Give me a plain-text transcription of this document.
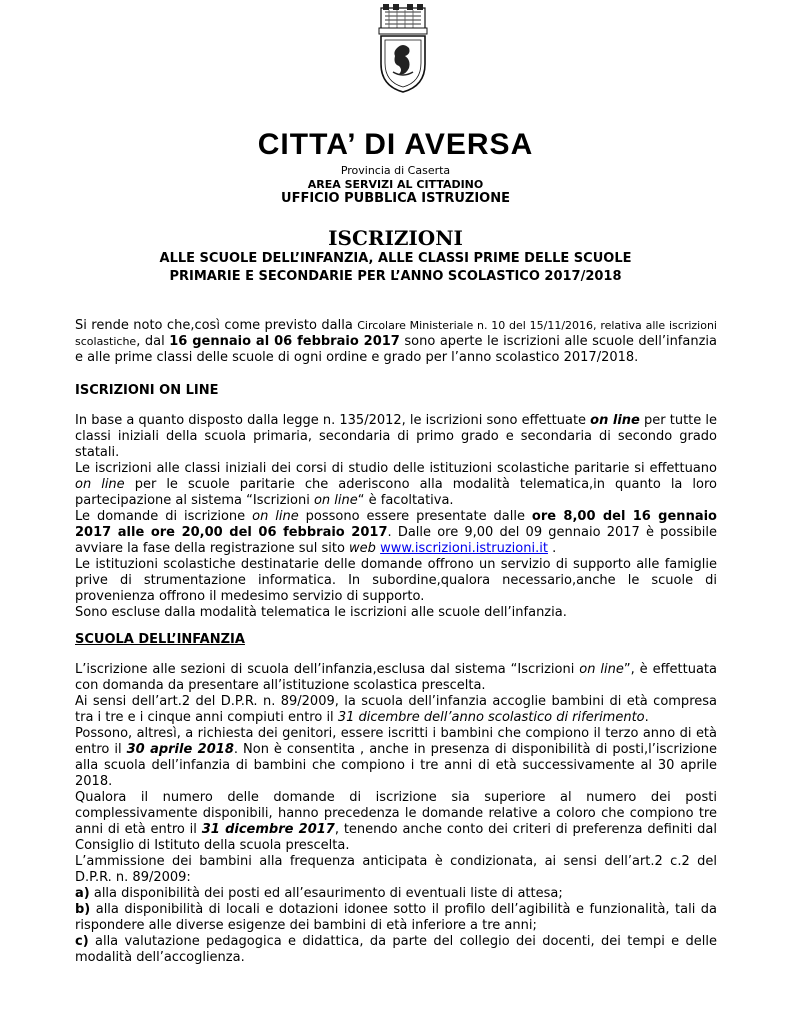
CITTA’ DI AVERSA
Provincia di Caserta
AREA SERVIZI AL CITTADINO
UFFICIO PUBBLICA ISTRUZIONE
ISCRIZIONI
ALLE SCUOLE DELL’INFANZIA, ALLE CLASSI PRIME DELLE SCUOLE
PRIMARIE E SECONDARIE PER L’ANNO SCOLASTICO 2017/2018

Si rende noto che,così come previsto dalla Circolare Ministeriale n. 10 del 15/11/2016, relativa alle iscrizioni scolastiche, dal 16 gennaio al 06 febbraio 2017 sono aperte le iscrizioni alle scuole dell’infanzia e alle prime classi delle scuole di ogni ordine e grado per l’anno scolastico 2017/2018.

ISCRIZIONI ON LINE

In base a quanto disposto dalla legge n. 135/2012, le iscrizioni sono effettuate on line per tutte le classi iniziali della scuola primaria, secondaria di primo grado e secondaria di secondo grado statali.

Le iscrizioni alle classi iniziali dei corsi di studio delle istituzioni scolastiche paritarie si effettuano on line per le scuole paritarie che aderiscono alla modalità telematica,in quanto la loro partecipazione al sistema “Iscrizioni on line“ è facoltativa.

Le domande di iscrizione on line possono essere presentate dalle ore 8,00 del 16 gennaio 2017 alle ore 20,00 del 06 febbraio 2017. Dalle ore 9,00 del 09 gennaio 2017 è possibile avviare la fase della registrazione sul sito web www.iscrizioni.istruzioni.it .

Le istituzioni scolastiche destinatarie delle domande offrono un servizio di supporto alle famiglie prive di strumentazione informatica. In subordine,qualora necessario,anche le scuole di provenienza offrono il medesimo servizio di supporto.

Sono escluse dalla modalità telematica le iscrizioni alle scuole dell’infanzia.

SCUOLA DELL’INFANZIA

L’iscrizione alle sezioni di scuola dell’infanzia,esclusa dal sistema “Iscrizioni on line”, è effettuata con domanda da presentare all’istituzione scolastica prescelta.

Ai sensi dell’art.2 del D.P.R. n. 89/2009, la scuola dell’infanzia accoglie bambini di età compresa tra i tre e i cinque anni compiuti entro il 31 dicembre dell’anno scolastico di riferimento.

Possono, altresì, a richiesta dei genitori, essere iscritti i bambini che compiono il terzo anno di età entro il 30 aprile 2018. Non è consentita , anche in presenza di disponibilità di posti,l’iscrizione alla scuola dell’infanzia di bambini che compiono i tre anni di età successivamente al 30 aprile 2018.

Qualora il numero delle domande di iscrizione sia superiore al numero dei posti complessivamente disponibili, hanno precedenza le domande relative a coloro che compiono tre anni di età entro il 31 dicembre 2017, tenendo anche conto dei criteri di preferenza definiti dal Consiglio di Istituto della scuola prescelta.

L’ammissione dei bambini alla frequenza anticipata è condizionata, ai sensi dell’art.2 c.2 del D.P.R. n. 89/2009:

a) alla disponibilità dei posti ed all’esaurimento di eventuali liste di attesa;

b) alla disponibilità di locali e dotazioni idonee sotto il profilo dell’agibilità e funzionalità, tali da rispondere alle diverse esigenze dei bambini di età inferiore a tre anni;

c) alla valutazione pedagogica e didattica, da parte del collegio dei docenti, dei tempi e delle modalità dell’accoglienza.
